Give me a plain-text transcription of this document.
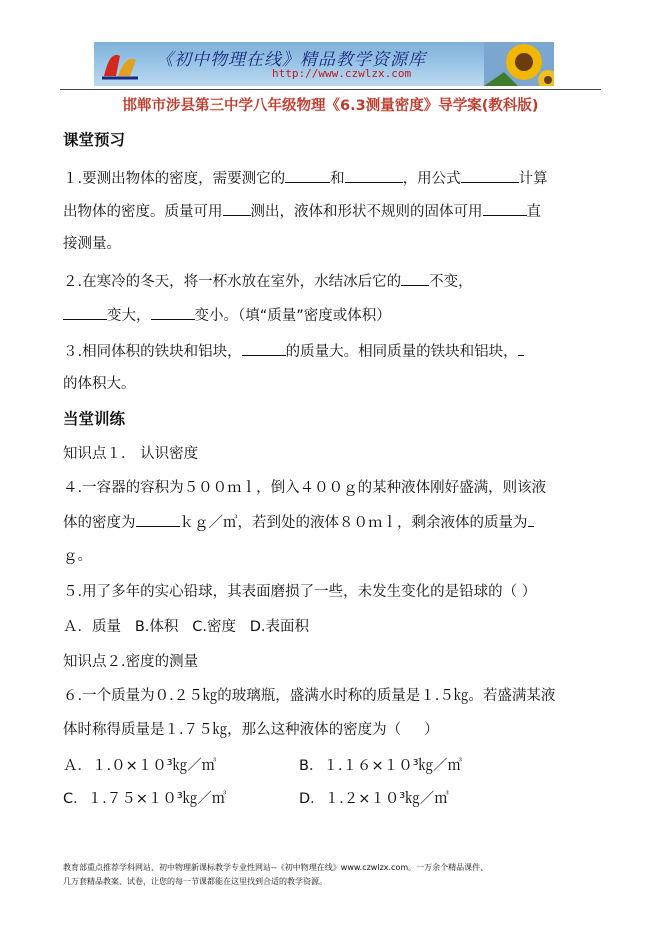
《初中物理在线》精品教学资源库
http://www.czwlzx.com
邯郸市涉县第三中学八年级物理《6.3测量密度》导学案(教科版)
课堂预习
１.要测出物体的密度，需要测它的	和	，用公式	计算
出物体的密度。质量可用 测出，液体和形状不规则的固体可用	直
接测量。
２.在寒冷的冬天，将一杯水放在室外，水结冰后它的 不变，
变大，	变小。（填“质量”密度或体积）
３.相同体积的铁块和铝块，	的质量大。相同质量的铁块和铝块，
的体积大。
当堂训练
知识点１． 认识密度
４.一容器的容积为５００ｍｌ，倒入４００ｇ的某种液体刚好盛满，则该液
体的密度为	ｋｇ／㎥，若到处的液体８０ｍｌ，剩余液体的质量为
ｇ。
５.用了多年的实心铅球，其表面磨损了一些，未发生变化的是铅球的（ ）
Ａ．质量   B.体积   C.密度   D.表面积
知识点２.密度的测量
６.一个质量为０.２５㎏的玻璃瓶，盛满水时称的质量是１.５㎏。若盛满某液
体时称得质量是１.７５㎏，那么这种液体的密度为（     ）
Ａ．１.０×１０³㎏／㎥	B．１.１６×１０³㎏／㎥
C．１.７５×１０³㎏／㎥	D．１.２×１０³㎏／㎥
教育部重点推荐学科网站、初中物理新课标教学专业性网站--《初中物理在线》www.czwlzx.com。一万余个精品课件、
几万套精品教案、试卷，让您的每一节课都能在这里找到合适的教学资源。
